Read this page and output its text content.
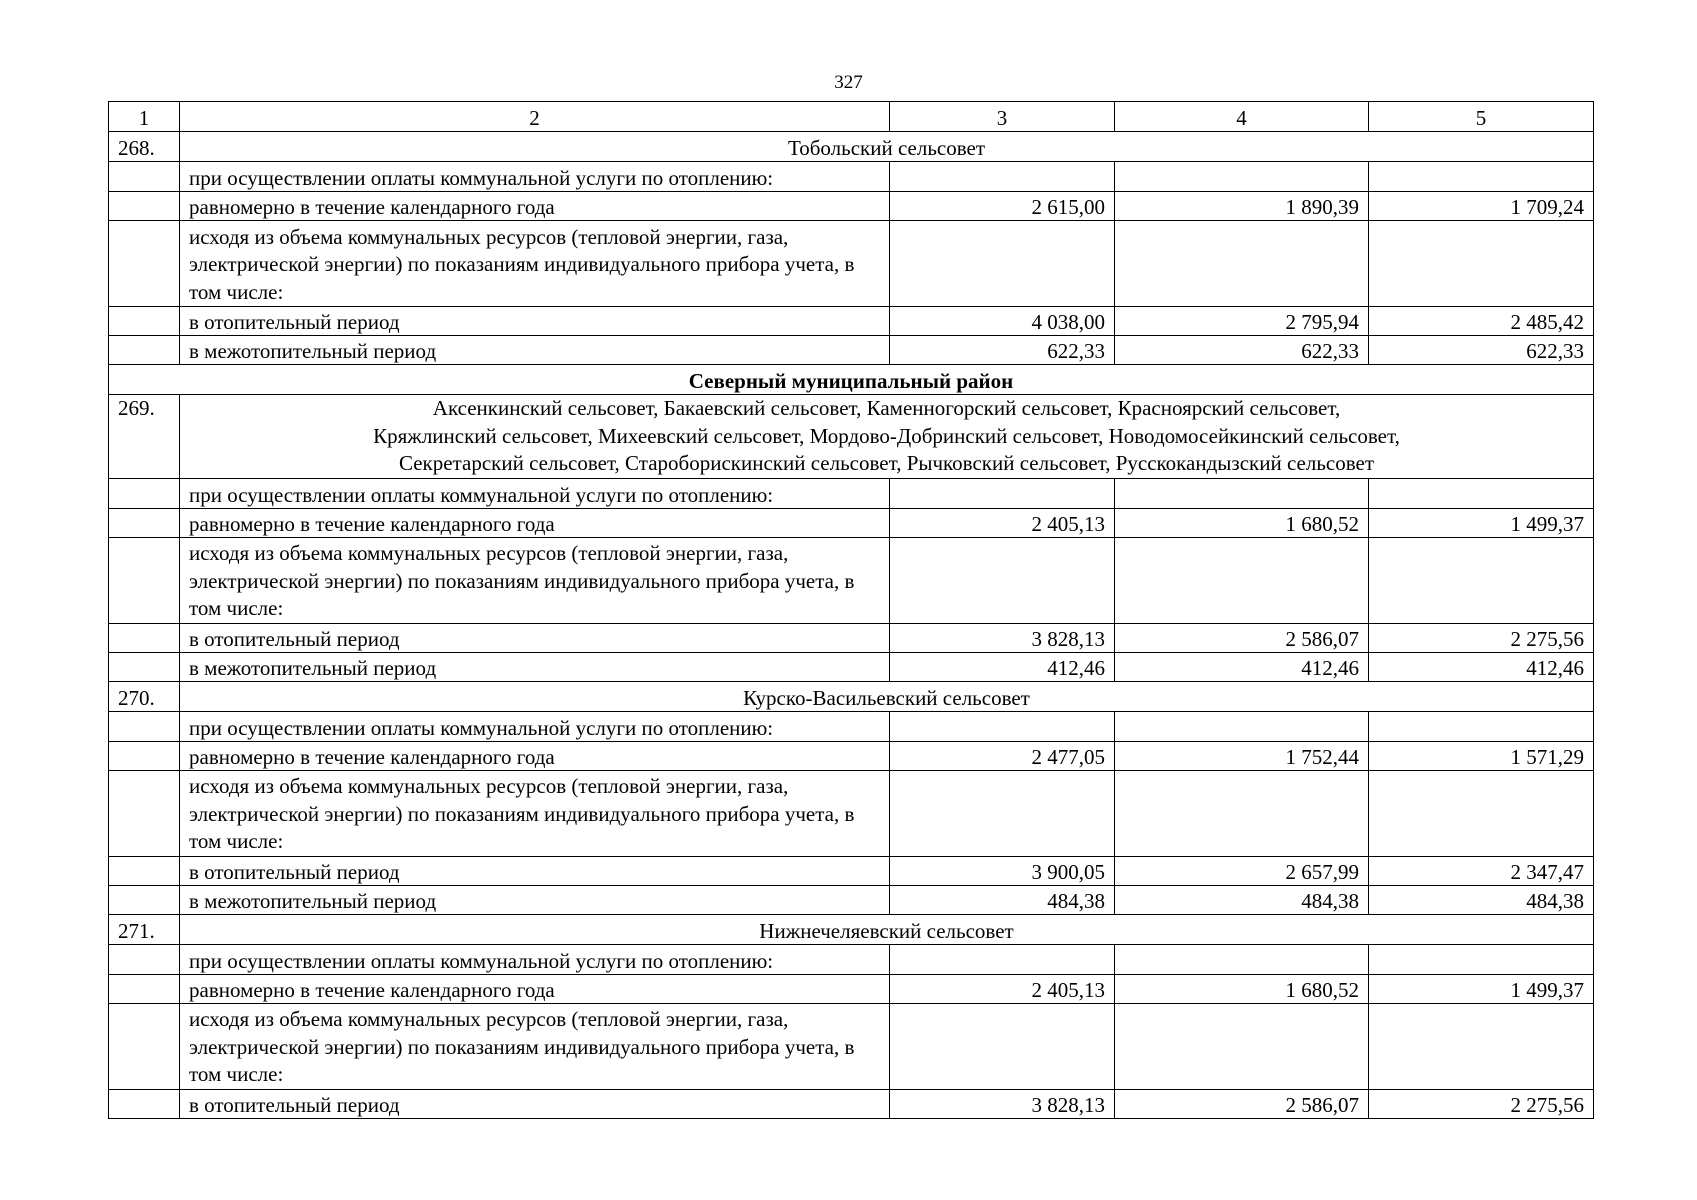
327
1	2	3	4	5
268.	Тобольский сельсовет			
	при осуществлении оплаты коммунальной услуги по отоплению:			
	равномерно в течение календарного года	2 615,00	1 890,39	1 709,24
	исходя из объема коммунальных ресурсов (тепловой энергии, газа, электрической энергии) по показаниям индивидуального прибора учета, в том числе:			
	в отопительный период	4 038,00	2 795,94	2 485,42
	в межотопительный период	622,33	622,33	622,33
Северный муниципальный район				
269.	Аксенкинский сельсовет, Бакаевский сельсовет, Каменногорский сельсовет, Красноярский сельсовет,
Кряжлинский сельсовет, Михеевский сельсовет, Мордово-Добринский сельсовет, Новодомосейкинский сельсовет,
Секретарский сельсовет, Староборискинский сельсовет, Рычковский сельсовет, Русскокандызский сельсовет			

	при осуществлении оплаты коммунальной услуги по отоплению:			
	равномерно в течение календарного года	2 405,13	1 680,52	1 499,37
	исходя из объема коммунальных ресурсов (тепловой энергии, газа, электрической энергии) по показаниям индивидуального прибора учета, в том числе:			
	в отопительный период	3 828,13	2 586,07	2 275,56
	в межотопительный период	412,46	412,46	412,46
270.	Курско-Васильевский сельсовет			
	при осуществлении оплаты коммунальной услуги по отоплению:			
	равномерно в течение календарного года	2 477,05	1 752,44	1 571,29
	исходя из объема коммунальных ресурсов (тепловой энергии, газа, электрической энергии) по показаниям индивидуального прибора учета, в том числе:			
	в отопительный период	3 900,05	2 657,99	2 347,47
	в межотопительный период	484,38	484,38	484,38
271.	Нижнечеляевский сельсовет			
	при осуществлении оплаты коммунальной услуги по отоплению:			
	равномерно в течение календарного года	2 405,13	1 680,52	1 499,37
	исходя из объема коммунальных ресурсов (тепловой энергии, газа, электрической энергии) по показаниям индивидуального прибора учета, в том числе:			
	в отопительный период	3 828,13	2 586,07	2 275,56
